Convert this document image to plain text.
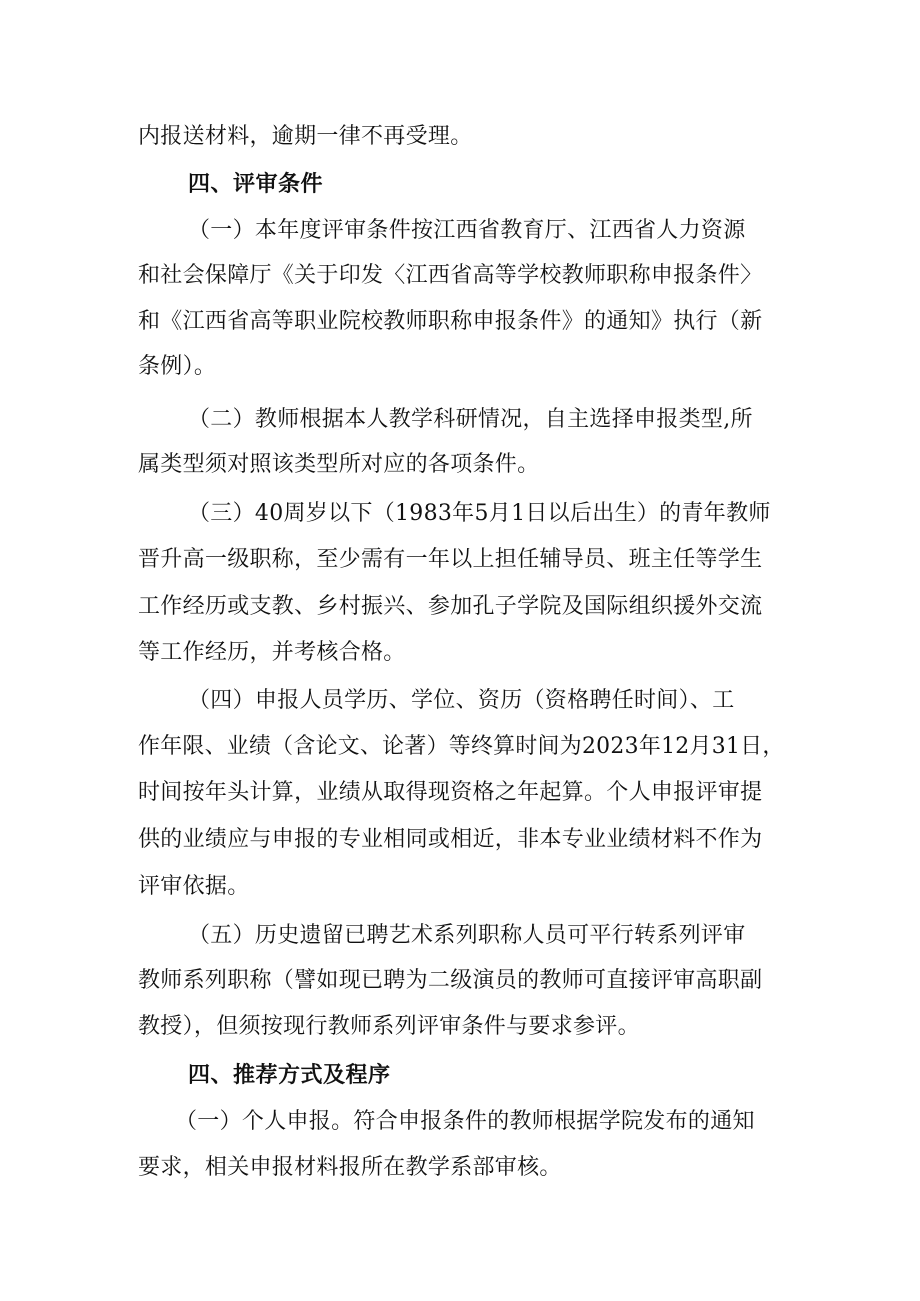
内报送材料，逾期一律不再受理。
四、评审条件
（一）本年度评审条件按江西省教育厅、江西省人力资源
和社会保障厅《关于印发〈江西省高等学校教师职称申报条件〉
和《江西省高等职业院校教师职称申报条件》的通知》执行（新
条例）。
（二）教师根据本人教学科研情况，自主选择申报类型,所
属类型须对照该类型所对应的各项条件。
（三）40周岁以下（1983年5月1日以后出生）的青年教师
晋升高一级职称，至少需有一年以上担任辅导员、班主任等学生
工作经历或支教、乡村振兴、参加孔子学院及国际组织援外交流
等工作经历，并考核合格。
（四）申报人员学历、学位、资历（资格聘任时间）、工
作年限、业绩（含论文、论著）等终算时间为2023年12月31日，
时间按年头计算，业绩从取得现资格之年起算。个人申报评审提
供的业绩应与申报的专业相同或相近，非本专业业绩材料不作为
评审依据。
（五）历史遗留已聘艺术系列职称人员可平行转系列评审
教师系列职称（譬如现已聘为二级演员的教师可直接评审高职副
教授），但须按现行教师系列评审条件与要求参评。
四、推荐方式及程序
（一）个人申报。符合申报条件的教师根据学院发布的通知
要求，相关申报材料报所在教学系部审核。
